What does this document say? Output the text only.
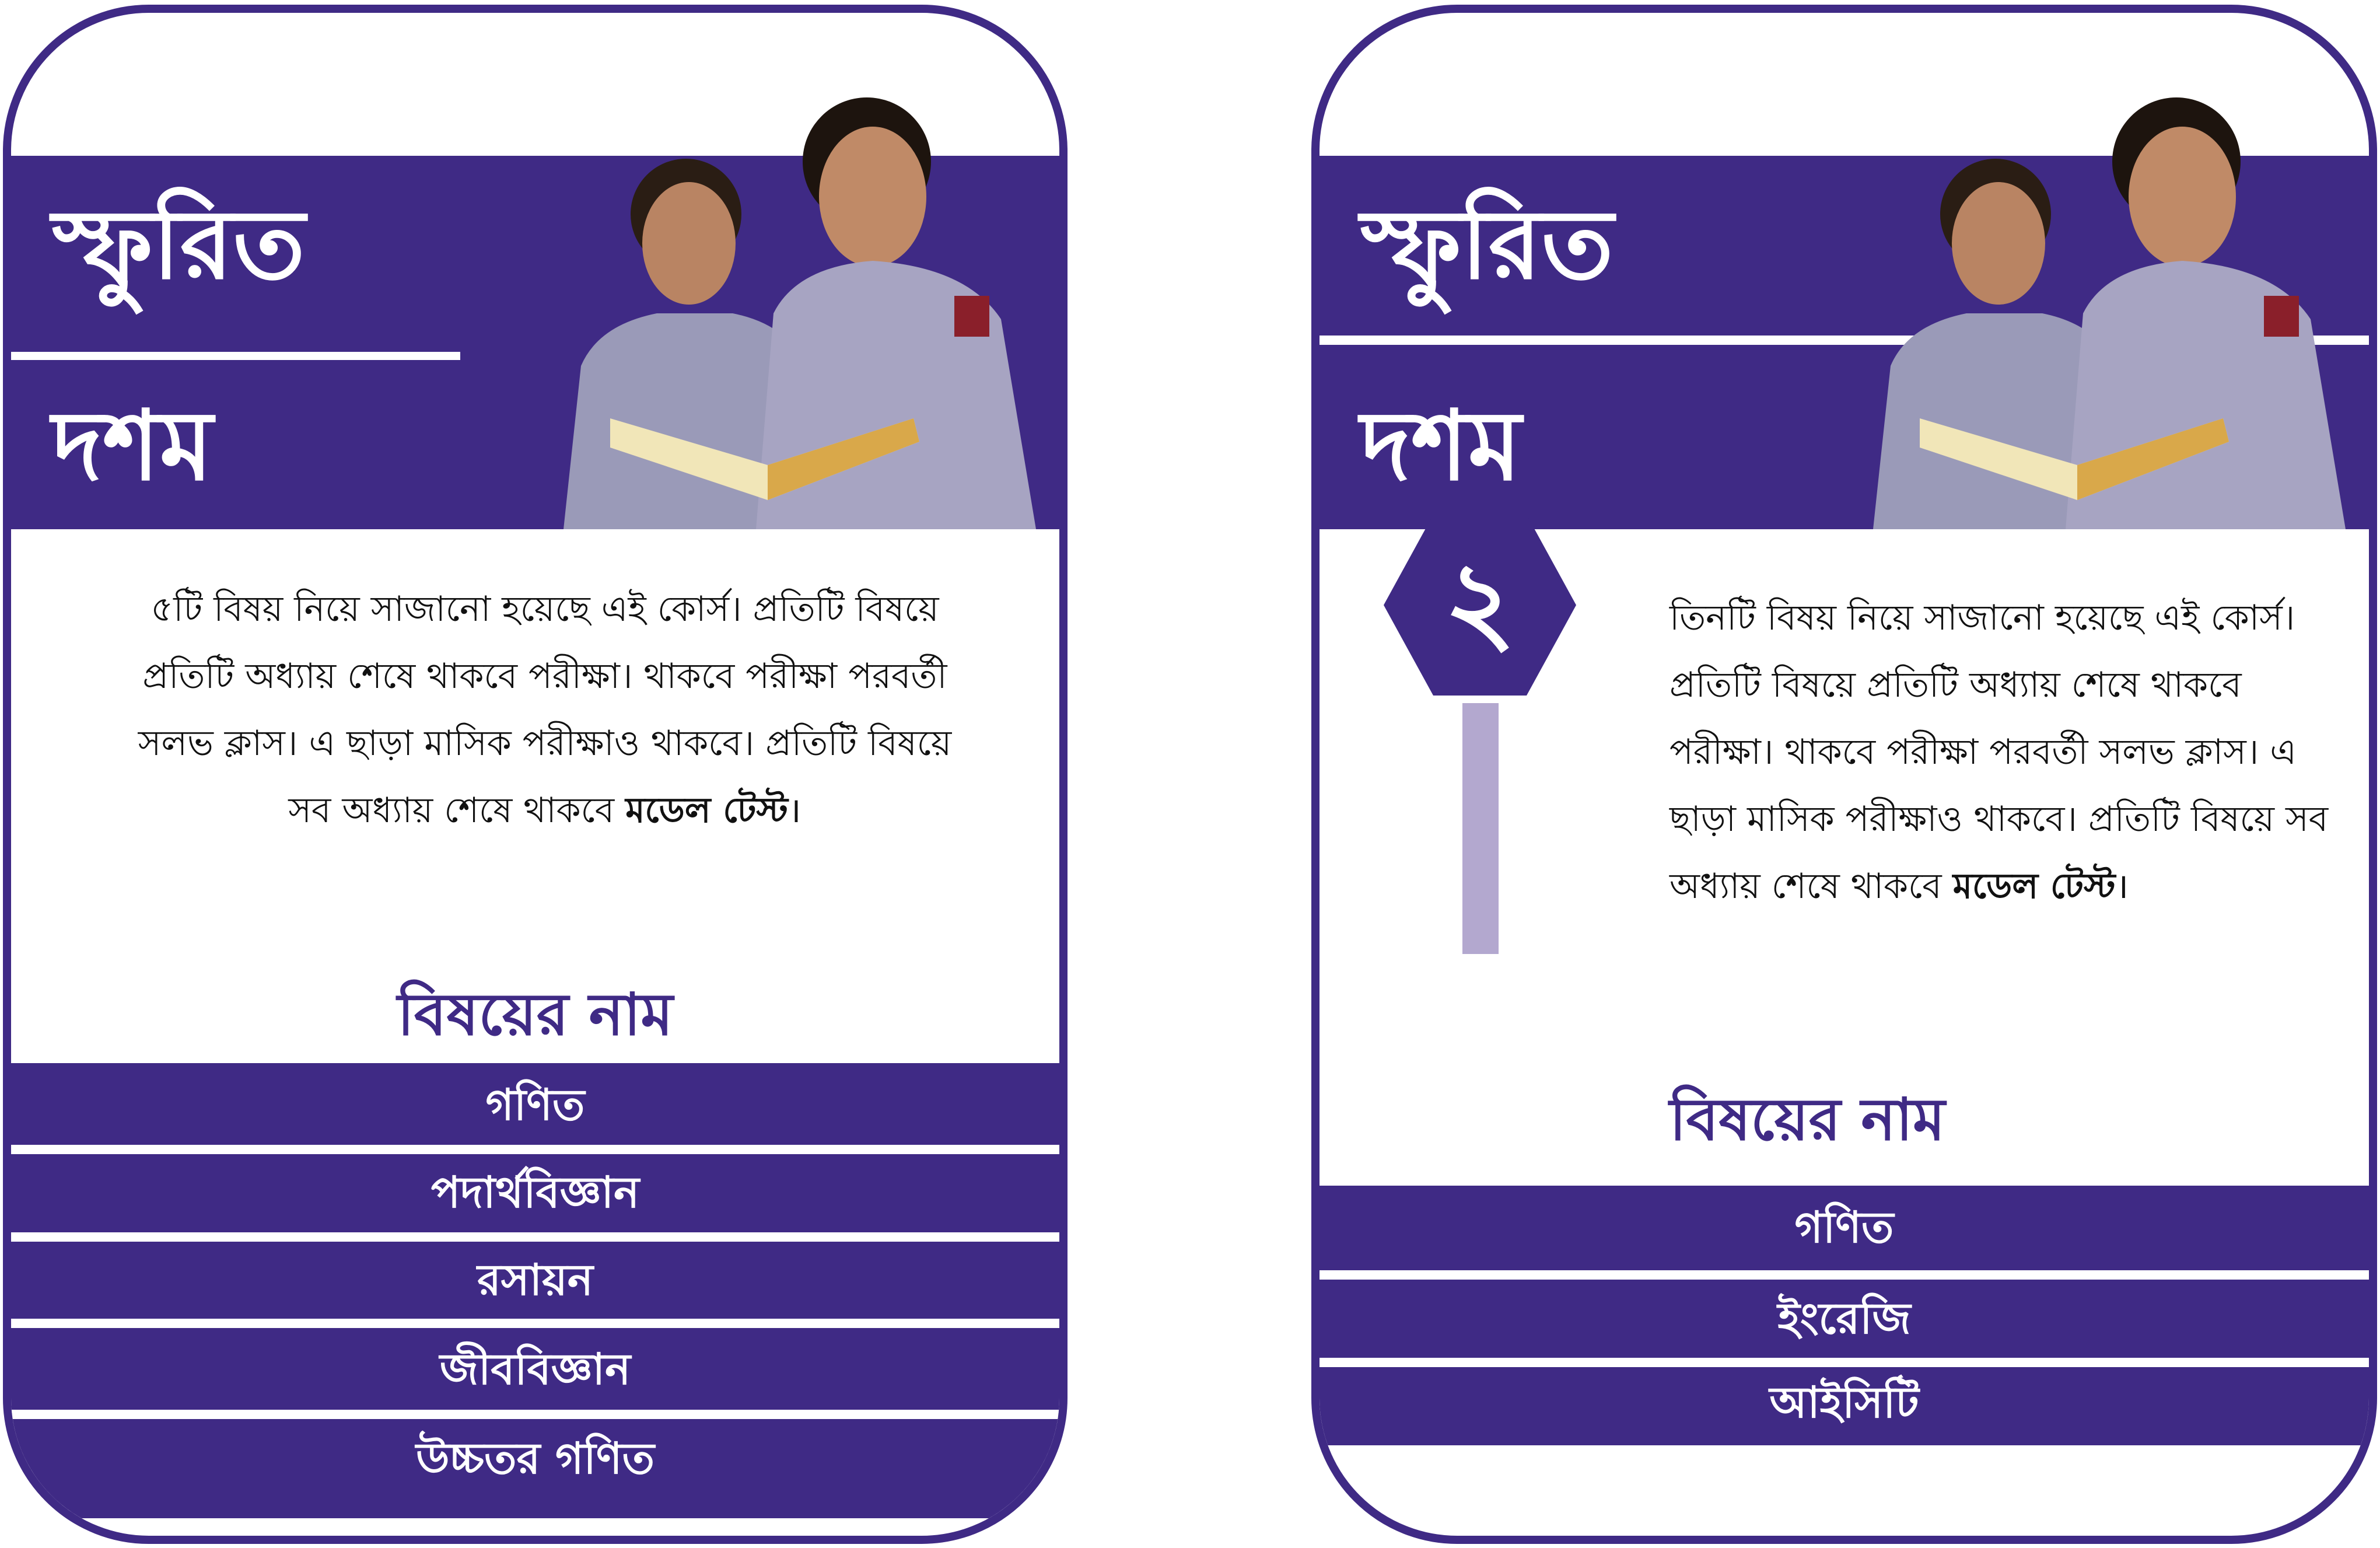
স্ফুরিত
দশম
৫টি বিষয় নিয়ে সাজানো হয়েছে এই কোর্স। প্রতিটি বিষয়ে প্রতিটি অধ্যায় শেষে থাকবে পরীক্ষা। থাকবে পরীক্ষা পরবর্তী সলভ ক্লাস। এ ছাড়া মাসিক পরীক্ষাও থাকবে। প্রতিটি বিষয়ে সব অধ্যায় শেষে থাকবে মডেল টেস্ট।
বিষয়ের নাম
গণিত
পদার্থবিজ্ঞান
রসায়ন
জীববিজ্ঞান
উচ্চতর গণিত
স্ফুরিত
দশম
২	তিনটি বিষয় নিয়ে সাজানো হয়েছে এই কোর্স। প্রতিটি বিষয়ে প্রতিটি অধ্যায় শেষে থাকবে পরীক্ষা। থাকবে পরীক্ষা পরবর্তী সলভ ক্লাস। এ ছাড়া মাসিক পরীক্ষাও থাকবে। প্রতিটি বিষয়ে সব অধ্যায় শেষে থাকবে মডেল টেস্ট।
বিষয়ের নাম
গণিত
ইংরেজি
আইসিটি
